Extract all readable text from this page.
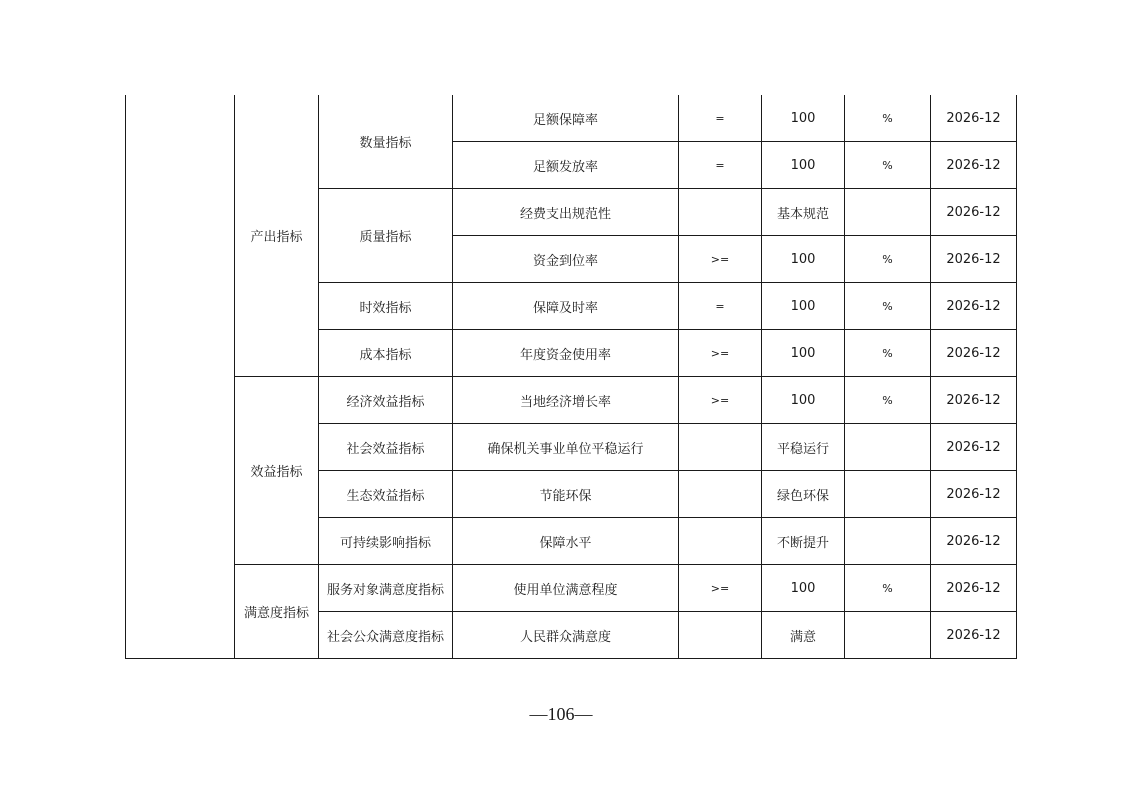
	产出指标	数量指标	足额保障率	=	100	%	2026-12
			足额发放率	=	100	%	2026-12
		质量指标	经费支出规范性		基本规范		2026-12
			资金到位率	>=	100	%	2026-12
		时效指标	保障及时率	=	100	%	2026-12
		成本指标	年度资金使用率	>=	100	%	2026-12
	效益指标	经济效益指标	当地经济增长率	>=	100	%	2026-12
		社会效益指标	确保机关事业单位平稳运行		平稳运行		2026-12
		生态效益指标	节能环保		绿色环保		2026-12
		可持续影响指标	保障水平		不断提升		2026-12
	满意度指标	服务对象满意度指标	使用单位满意程度	>=	100	%	2026-12
		社会公众满意度指标	人民群众满意度		满意		2026-12
—106—
